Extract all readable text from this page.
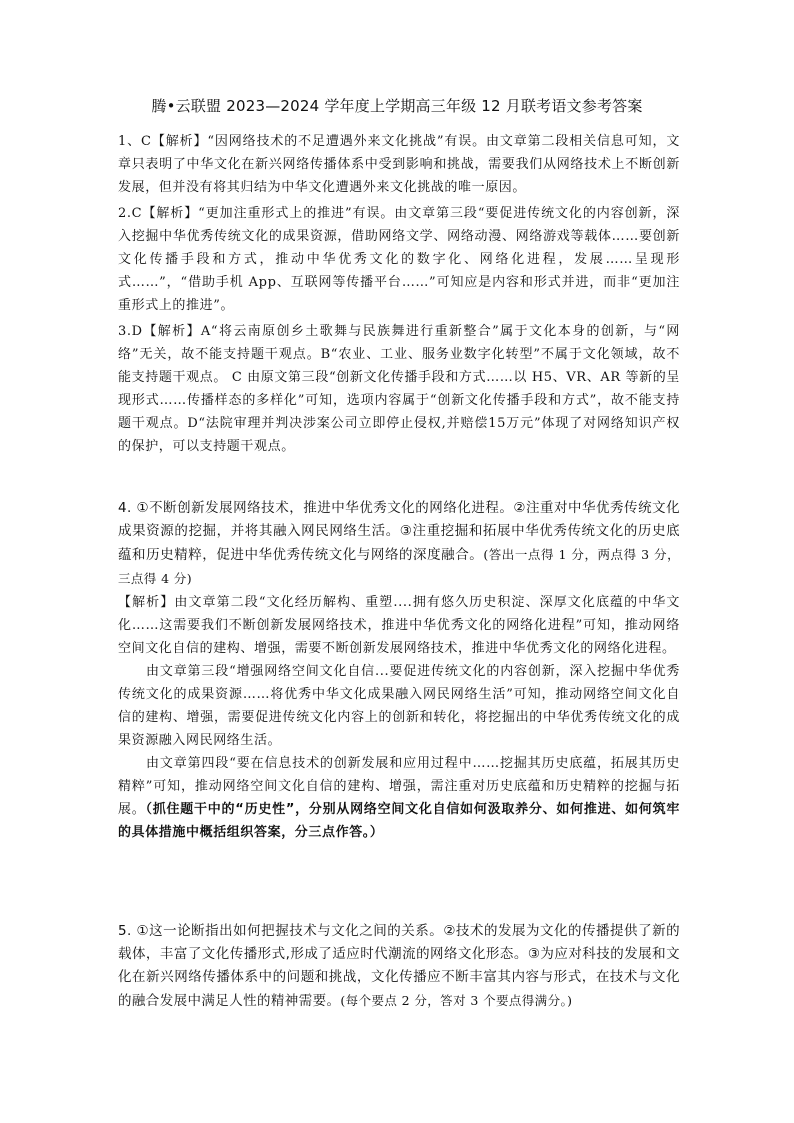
腾•云联盟 2023—2024 学年度上学期高三年级 12 月联考语文参考答案

1、C【解析】“因网络技术的不足遭遇外来文化挑战”有误。由文章第二段相关信息可知，文章只表明了中华文化在新兴网络传播体系中受到影响和挑战，需要我们从网络技术上不断创新发展，但并没有将其归结为中华文化遭遇外来文化挑战的唯一原因。

2.C【解析】“更加注重形式上的推进”有误。由文章第三段“要促进传统文化的内容创新，深入挖掘中华优秀传统文化的成果资源，借助网络文学、网络动漫、网络游戏等载体……要创新文化传播手段和方式，推动中华优秀文化的数字化、网络化进程，发展……呈现形式……”，“借助手机 App、互联网等传播平台……”可知应是内容和形式并进，而非“更加注重形式上的推进”。

3.D【解析】A“将云南原创乡土歌舞与民族舞进行重新整合”属于文化本身的创新，与“网络”无关，故不能支持题干观点。B“农业、工业、服务业数字化转型”不属于文化领域，故不能支持题干观点。 C 由原文第三段“创新文化传播手段和方式……以 H5、VR、AR 等新的呈现形式……传播样态的多样化”可知，选项内容属于“创新文化传播手段和方式”，故不能支持题干观点。D“法院审理并判决涉案公司立即停止侵权,并赔偿15万元”体现了对网络知识产权的保护，可以支持题干观点。

4. ①不断创新发展网络技术，推进中华优秀文化的网络化进程。②注重对中华优秀传统文化成果资源的挖掘，并将其融入网民网络生活。③注重挖掘和拓展中华优秀传统文化的历史底蕴和历史精粹，促进中华优秀传统文化与网络的深度融合。(答出一点得 1 分，两点得 3 分，三点得 4 分)

【解析】由文章第二段“文化经历解构、重塑....拥有悠久历史积淀、深厚文化底蕴的中华文化……这需要我们不断创新发展网络技术，推进中华优秀文化的网络化进程”可知，推动网络空间文化自信的建构、增强，需要不断创新发展网络技术，推进中华优秀文化的网络化进程。

由文章第三段“增强网络空间文化自信...要促进传统文化的内容创新，深入挖掘中华优秀传统文化的成果资源……将优秀中华文化成果融入网民网络生活”可知，推动网络空间文化自信的建构、增强，需要促进传统文化内容上的创新和转化，将挖掘出的中华优秀传统文化的成果资源融入网民网络生活。

由文章第四段“要在信息技术的创新发展和应用过程中……挖掘其历史底蕴，拓展其历史精粹”可知，推动网络空间文化自信的建构、增强，需注重对历史底蕴和历史精粹的挖掘与拓展。（抓住题干中的“历史性”，分别从网络空间文化自信如何汲取养分、如何推进、如何筑牢的具体措施中概括组织答案，分三点作答。）

5. ①这一论断指出如何把握技术与文化之间的关系。②技术的发展为文化的传播提供了新的载体，丰富了文化传播形式,形成了适应时代潮流的网络文化形态。③为应对科技的发展和文化在新兴网络传播体系中的问题和挑战，文化传播应不断丰富其内容与形式，在技术与文化的融合发展中满足人性的精神需要。(每个要点 2 分，答对 3 个要点得满分。)
